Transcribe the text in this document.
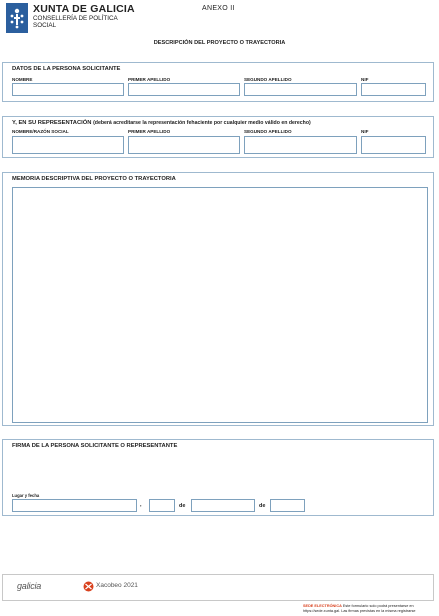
XUNTA DE GALICIA
CONSELLERÍA DE POLÍTICA
SOCIAL
ANEXO II
DESCRIPCIÓN DEL PROYECTO O TRAYECTORIA
DATOS DE LA PERSONA SOLICITANTE
NOMBRE	PRIMER APELLIDO	SEGUNDO APELLIDO	NIF
Y, EN SU REPRESENTACIÓN (deberá acreditarse la representación fehaciente por cualquier medio válido en derecho)
NOMBRE/RAZÓN SOCIAL	PRIMER APELLIDO	SEGUNDO APELLIDO	NIF
MEMORIA DESCRIPTIVA DEL PROYECTO O TRAYECTORIA
FIRMA DE LA PERSONA SOLICITANTE O REPRESENTANTE
Lugar y fecha
,	de	de
galicia	Xacobeo 2021
SEDE ELECTRÓNICA Este formulario solo podrá presentarse en https://sede.xunta.gal. Las firmas previstas en la misma registrarse
